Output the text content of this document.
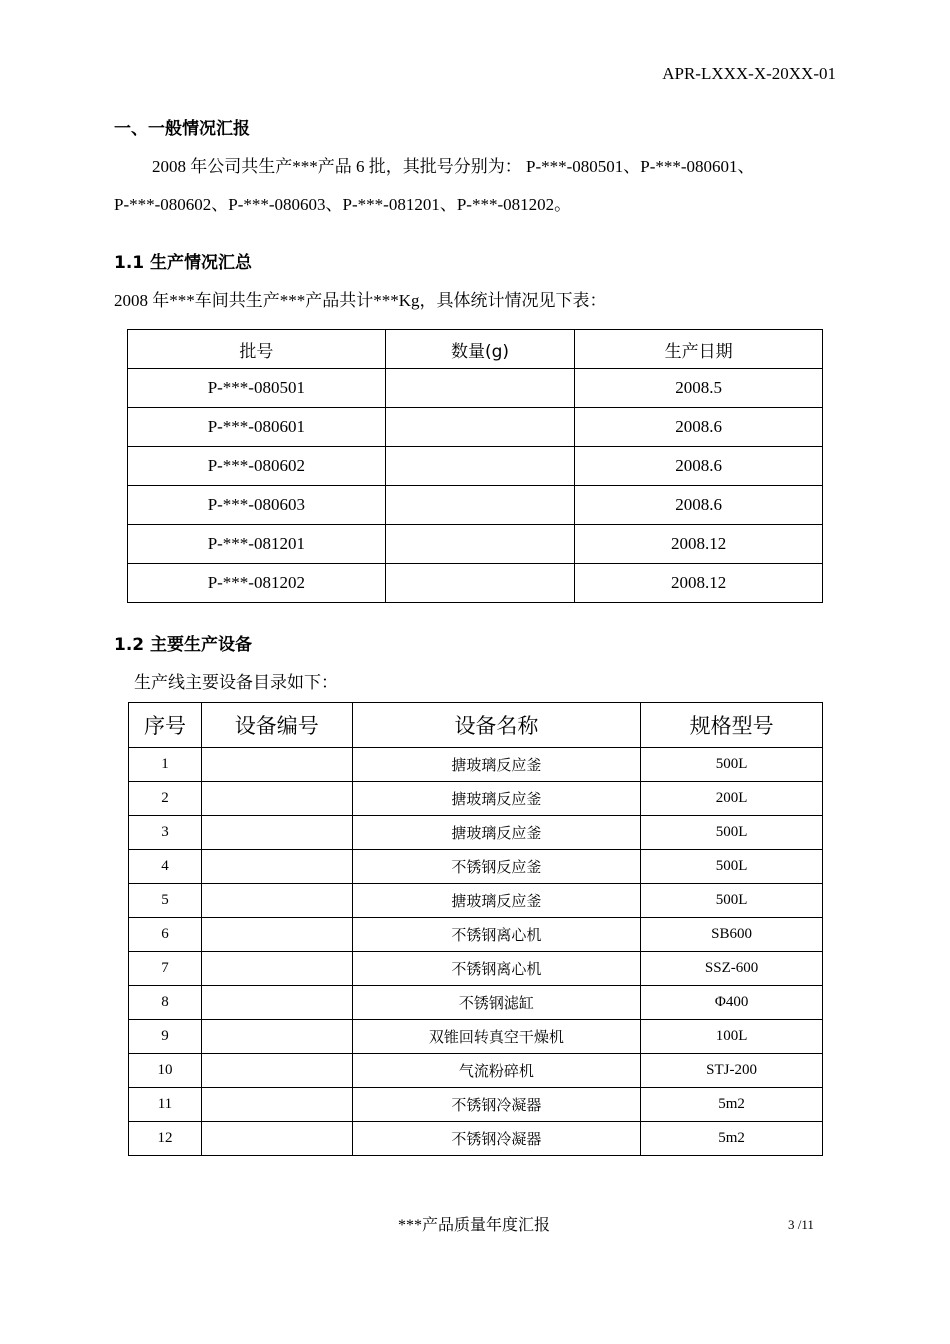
APR-LXXX-X-20XX-01
一、一般情况汇报
2008 年公司共生产***产品 6 批，其批号分别为： P-***-080501、P-***-080601、
P-***-080602、P-***-080603、P-***-081201、P-***-081202。
1.1 生产情况汇总
2008 年***车间共生产***产品共计***Kg，具体统计情况见下表：
批号	数量(g)	生产日期
P-***-080501		2008.5
P-***-080601		2008.6
P-***-080602		2008.6
P-***-080603		2008.6
P-***-081201		2008.12
P-***-081202		2008.12
1.2 主要生产设备
生产线主要设备目录如下：
序号	设备编号	设备名称	规格型号
1		搪玻璃反应釜	500L
2		搪玻璃反应釜	200L
3		搪玻璃反应釜	500L
4		不锈钢反应釜	500L
5		搪玻璃反应釜	500L
6		不锈钢离心机	SB600
7		不锈钢离心机	SSZ-600
8		不锈钢滤缸	Φ400
9		双锥回转真空干燥机	100L
10		气流粉碎机	STJ-200
11		不锈钢冷凝器	5m2
12		不锈钢冷凝器	5m2
***产品质量年度汇报	3 /11
